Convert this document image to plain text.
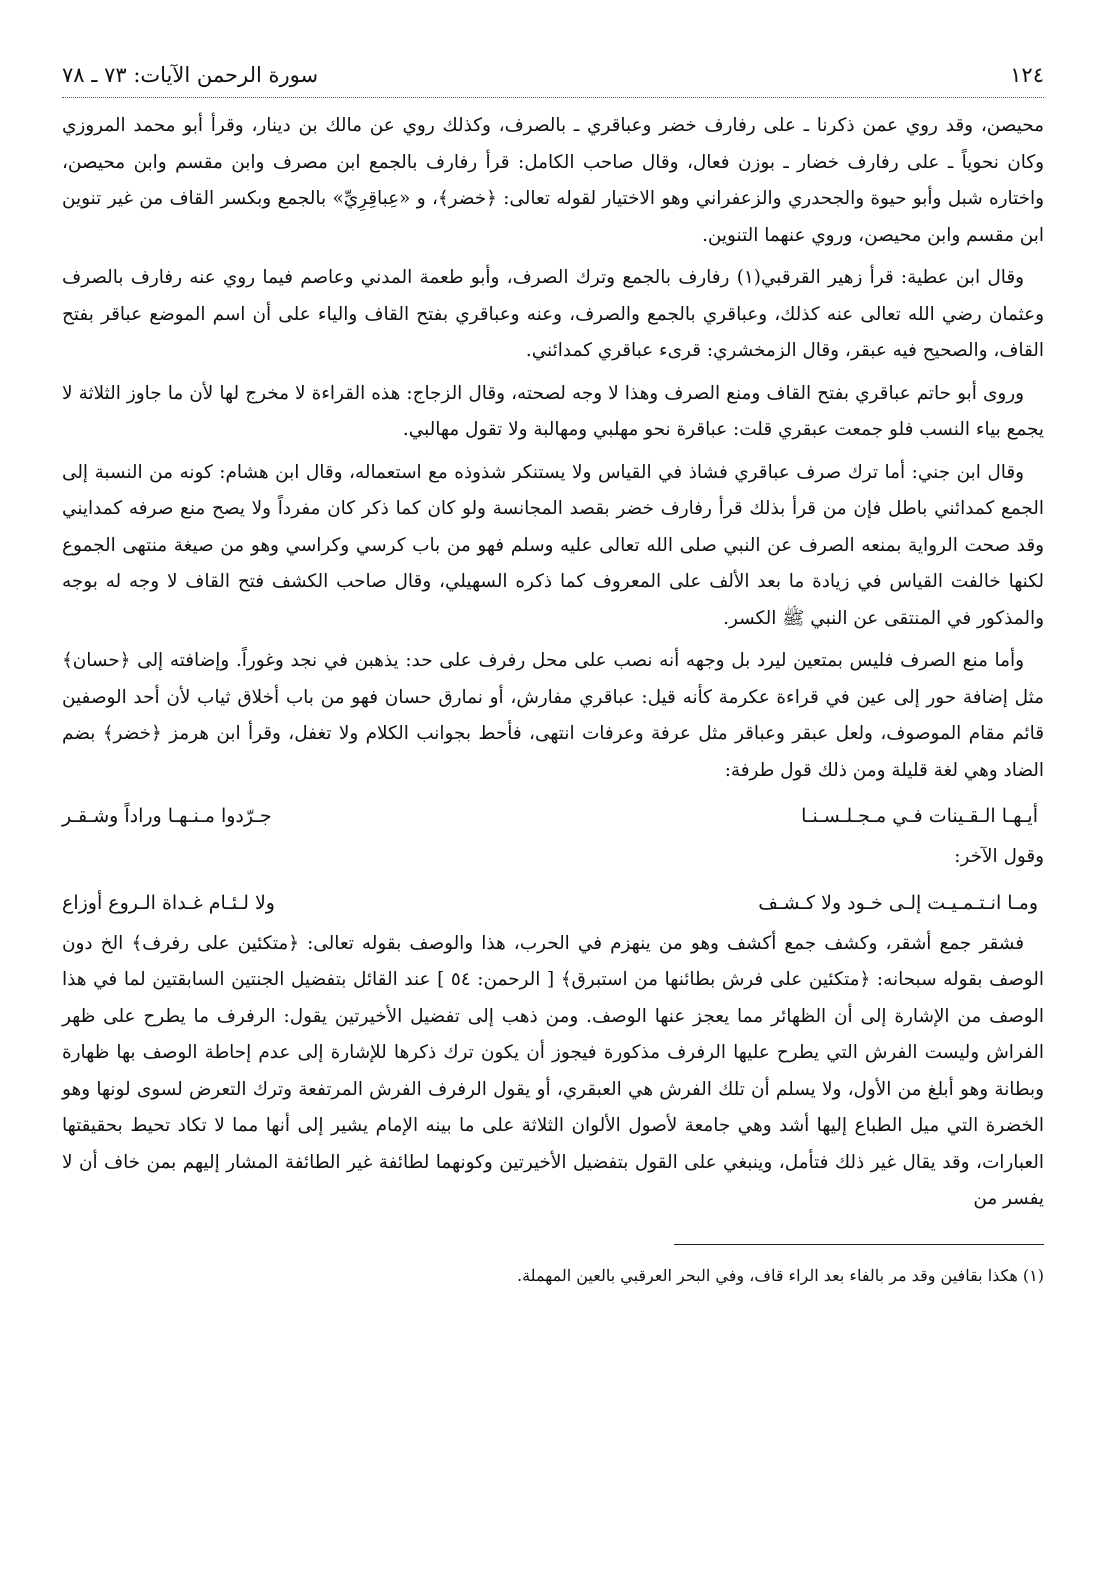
١٢٤
سورة الرحمن الآيات: ٧٣ ـ ٧٨

محيصن، وقد روي عمن ذكرنا ـ على رفارف خضر وعباقري ـ بالصرف، وكذلك روي عن مالك بن دينار، وقرأ أبو محمد المروزي وكان نحوياً ـ على رفارف خضار ـ بوزن فعال، وقال صاحب الكامل: قرأ رفارف بالجمع ابن مصرف وابن مقسم وابن محيصن، واختاره شبل وأبو حيوة والجحدري والزعفراني وهو الاختيار لقوله تعالى: ﴿خضر﴾، و «عِباقِرِيِّ» بالجمع وبكسر القاف من غير تنوين ابن مقسم وابن محيصن، وروي عنهما التنوين.

وقال ابن عطية: قرأ زهير القرقبي(١) رفارف بالجمع وترك الصرف، وأبو طعمة المدني وعاصم فيما روي عنه رفارف بالصرف وعثمان رضي الله تعالى عنه كذلك، وعباقري بالجمع والصرف، وعنه وعباقري بفتح القاف والياء على أن اسم الموضع عباقر بفتح القاف، والصحيح فيه عبقر، وقال الزمخشري: قرىء عباقري كمدائني.

وروى أبو حاتم عباقري بفتح القاف ومنع الصرف وهذا لا وجه لصحته، وقال الزجاج: هذه القراءة لا مخرج لها لأن ما جاوز الثلاثة لا يجمع بياء النسب فلو جمعت عبقري قلت: عباقرة نحو مهلبي ومهالبة ولا تقول مهالبي.

وقال ابن جني: أما ترك صرف عباقري فشاذ في القياس ولا يستنكر شذوذه مع استعماله، وقال ابن هشام: كونه من النسبة إلى الجمع كمدائني باطل فإن من قرأ بذلك قرأ رفارف خضر بقصد المجانسة ولو كان كما ذكر كان مفرداً ولا يصح منع صرفه كمدايني وقد صحت الرواية بمنعه الصرف عن النبي صلى الله تعالى عليه وسلم فهو من باب كرسي وكراسي وهو من صيغة منتهى الجموع لكنها خالفت القياس في زيادة ما بعد الألف على المعروف كما ذكره السهيلي، وقال صاحب الكشف فتح القاف لا وجه له بوجه والمذكور في المنتقى عن النبي ﷺ الكسر.

وأما منع الصرف فليس بمتعين ليرد بل وجهه أنه نصب على محل رفرف على حد: يذهبن في نجد وغوراً. وإضافته إلى ﴿حسان﴾ مثل إضافة حور إلى عين في قراءة عكرمة كأنه قيل: عباقري مفارش، أو نمارق حسان فهو من باب أخلاق ثياب لأن أحد الوصفين قائم مقام الموصوف، ولعل عبقر وعباقر مثل عرفة وعرفات انتهى، فأحط بجوانب الكلام ولا تغفل، وقرأ ابن هرمز ﴿خضر﴾ بضم الضاد وهي لغة قليلة ومن ذلك قول طرفة:

أيـهـا الـقـينات فـي مـجـلـسـنـا
جـرّدوا مـنـهـا وراداً وشـقـر

وقول الآخر:

ومـا انـتـمـيـت إلـى خـود ولا كـشـف
ولا لـئـام غـداة الـروع أوزاع

فشقر جمع أشقر، وكشف جمع أكشف وهو من ينهزم في الحرب، هذا والوصف بقوله تعالى: ﴿متكئين على رفرف﴾ الخ دون الوصف بقوله سبحانه: ﴿متكئين على فرش بطائنها من استبرق﴾ [ الرحمن: ٥٤ ] عند القائل بتفضيل الجنتين السابقتين لما في هذا الوصف من الإشارة إلى أن الظهائر مما يعجز عنها الوصف. ومن ذهب إلى تفضيل الأخيرتين يقول: الرفرف ما يطرح على ظهر الفراش وليست الفرش التي يطرح عليها الرفرف مذكورة فيجوز أن يكون ترك ذكرها للإشارة إلى عدم إحاطة الوصف بها ظهارة وبطانة وهو أبلغ من الأول، ولا يسلم أن تلك الفرش هي العبقري، أو يقول الرفرف الفرش المرتفعة وترك التعرض لسوى لونها وهو الخضرة التي ميل الطباع إليها أشد وهي جامعة لأصول الألوان الثلاثة على ما بينه الإمام يشير إلى أنها مما لا تكاد تحيط بحقيقتها العبارات، وقد يقال غير ذلك فتأمل، وينبغي على القول بتفضيل الأخيرتين وكونهما لطائفة غير الطائفة المشار إليهم بمن خاف أن لا يفسر من

(١) هكذا بقافين وقد مر بالفاء بعد الراء قاف، وفي البحر العرقبي بالعين المهملة.
